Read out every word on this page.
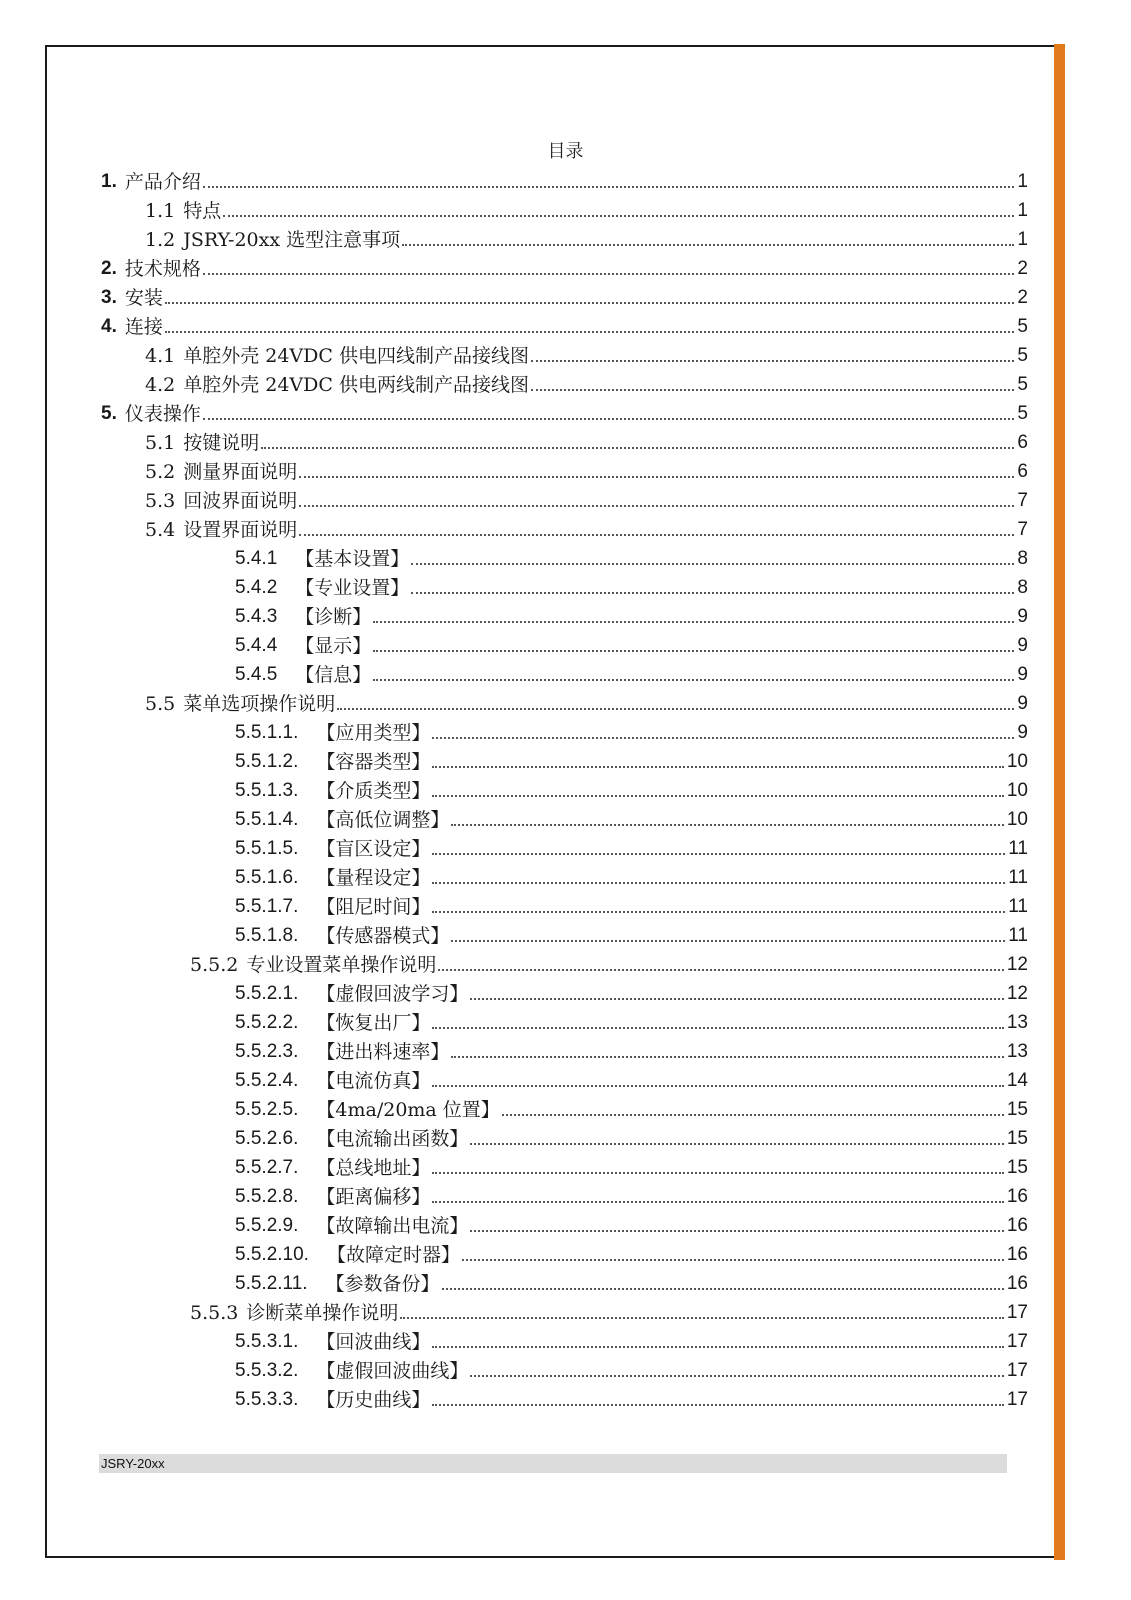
目录
1. 产品介绍	1
1.1 特点	1
1.2 JSRY-20xx 选型注意事项	1
2. 技术规格	2
3. 安装	2
4. 连接	5
4.1 单腔外壳 24VDC 供电四线制产品接线图	5
4.2 单腔外壳 24VDC 供电两线制产品接线图	5
5. 仪表操作	5
5.1 按键说明	6
5.2 测量界面说明	6
5.3 回波界面说明	7
5.4 设置界面说明	7
5.4.1 【基本设置】	8
5.4.2 【专业设置】	8
5.4.3 【诊断】	9
5.4.4 【显示】	9
5.4.5 【信息】	9
5.5 菜单选项操作说明	9
5.5.1.1. 【应用类型】	9
5.5.1.2. 【容器类型】	10
5.5.1.3. 【介质类型】	10
5.5.1.4. 【高低位调整】	10
5.5.1.5. 【盲区设定】	11
5.5.1.6. 【量程设定】	11
5.5.1.7. 【阻尼时间】	11
5.5.1.8. 【传感器模式】	11
5.5.2 专业设置菜单操作说明	12
5.5.2.1. 【虚假回波学习】	12
5.5.2.2. 【恢复出厂】	13
5.5.2.3. 【进出料速率】	13
5.5.2.4. 【电流仿真】	14
5.5.2.5. 【4ma/20ma 位置】	15
5.5.2.6. 【电流输出函数】	15
5.5.2.7. 【总线地址】	15
5.5.2.8. 【距离偏移】	16
5.5.2.9. 【故障输出电流】	16
5.5.2.10. 【故障定时器】	16
5.5.2.11. 【参数备份】	16
5.5.3 诊断菜单操作说明	17
5.5.3.1. 【回波曲线】	17
5.5.3.2. 【虚假回波曲线】	17
5.5.3.3. 【历史曲线】	17
JSRY-20xx
